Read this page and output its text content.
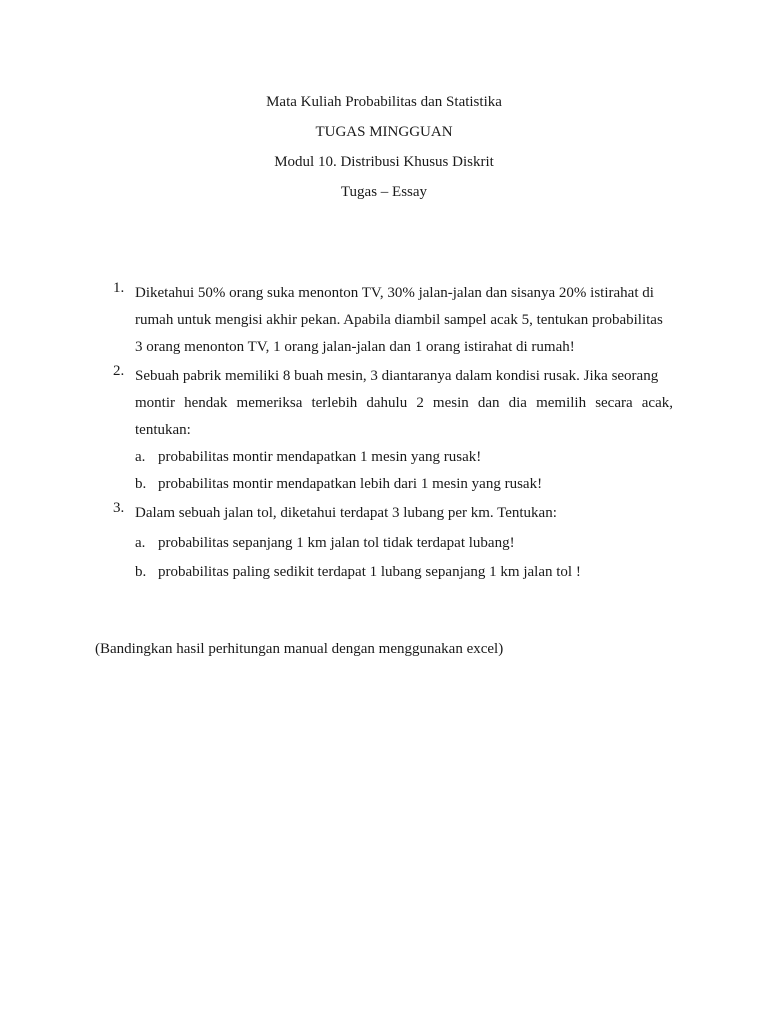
Mata Kuliah Probabilitas dan Statistika
TUGAS MINGGUAN
Modul 10. Distribusi Khusus Diskrit
Tugas – Essay
1. Diketahui 50% orang suka menonton TV, 30% jalan-jalan dan sisanya 20% istirahat di
rumah untuk mengisi akhir pekan. Apabila diambil sampel acak 5, tentukan probabilitas
3 orang menonton TV, 1 orang jalan-jalan dan 1 orang istirahat di rumah!
2. Sebuah pabrik memiliki 8 buah mesin, 3 diantaranya dalam kondisi rusak. Jika seorang
montir hendak memeriksa terlebih dahulu 2 mesin dan dia memilih secara acak, tentukan:
a. probabilitas montir mendapatkan 1 mesin yang rusak!
b. probabilitas montir mendapatkan lebih dari 1 mesin yang rusak!
3. Dalam sebuah jalan tol, diketahui terdapat 3 lubang per km. Tentukan:
a. probabilitas sepanjang 1 km jalan tol tidak terdapat lubang!
b. probabilitas paling sedikit terdapat 1 lubang sepanjang 1 km jalan tol !
(Bandingkan hasil perhitungan manual dengan menggunakan excel)
